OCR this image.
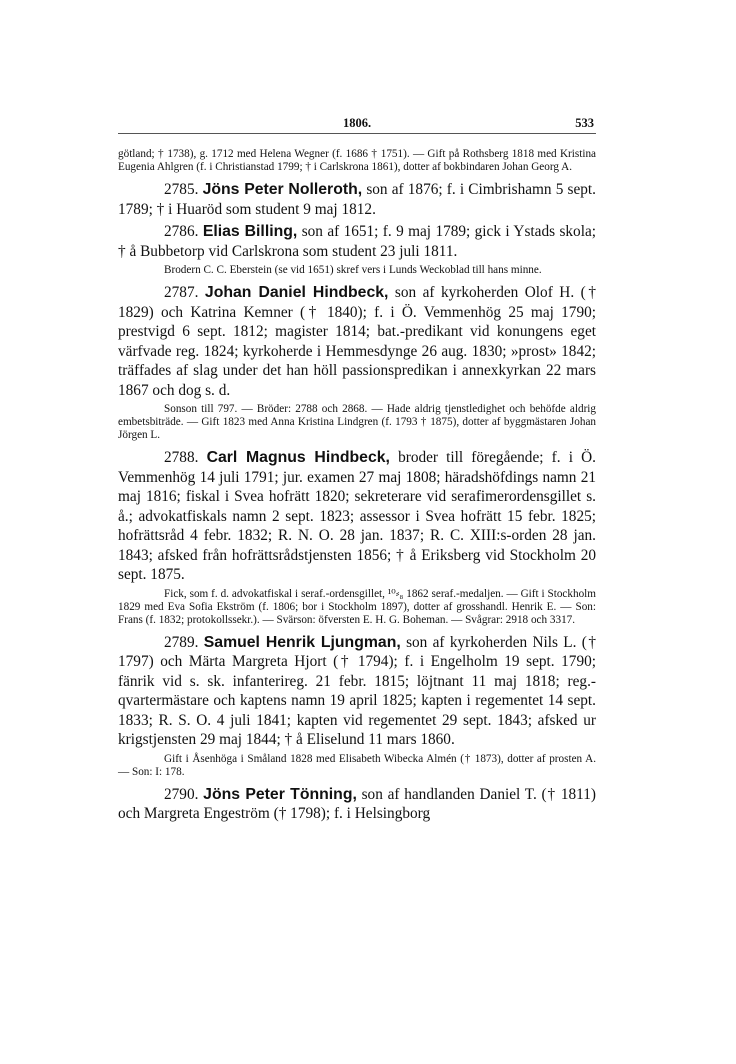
1806.	533

götland; † 1738), g. 1712 med Helena Wegner (f. 1686 † 1751). — Gift på Rothsberg 1818 med Kristina Eugenia Ahlgren (f. i Christianstad 1799; † i Carlskrona 1861), dotter af bokbindaren Johan Georg A.

2785. Jöns Peter Nolleroth, son af 1876; f. i Cimbrishamn 5 sept. 1789; † i Huaröd som student 9 maj 1812.

2786. Elias Billing, son af 1651; f. 9 maj 1789; gick i Ystads skola; † å Bubbetorp vid Carlskrona som student 23 juli 1811.

Brodern C. C. Eberstein (se vid 1651) skref vers i Lunds Weckoblad till hans minne.

2787. Johan Daniel Hindbeck, son af kyrkoherden Olof H. († 1829) och Katrina Kemner († 1840); f. i Ö. Vemmenhög 25 maj 1790; prestvigd 6 sept. 1812; magister 1814; bat.-predikant vid konungens eget värfvade reg. 1824; kyrkoherde i Hemmesdynge 26 aug. 1830; »prost» 1842; träffades af slag under det han höll passionspredikan i annexkyrkan 22 mars 1867 och dog s. d.

Sonson till 797. — Bröder: 2788 och 2868. — Hade aldrig tjenstledighet och behöfde aldrig embetsbiträde. — Gift 1823 med Anna Kristina Lindgren (f. 1793 † 1875), dotter af byggmästaren Johan Jörgen L.

2788. Carl Magnus Hindbeck, broder till föregående; f. i Ö. Vemmenhög 14 juli 1791; jur. examen 27 maj 1808; häradshöfdings namn 21 maj 1816; fiskal i Svea hofrätt 1820; sekreterare vid serafimerordensgillet s. å.; advokatfiskals namn 2 sept. 1823; assessor i Svea hofrätt 15 febr. 1825; hofrättsråd 4 febr. 1832; R. N. O. 28 jan. 1837; R. C. XIII:s-orden 28 jan. 1843; afsked från hofrättsrådstjensten 1856; † å Eriksberg vid Stockholm 20 sept. 1875.

Fick, som f. d. advokatfiskal i seraf.-ordensgillet, ¹⁰⸗₈ 1862 seraf.-medaljen. — Gift i Stockholm 1829 med Eva Sofia Ekström (f. 1806; bor i Stockholm 1897), dotter af grosshandl. Henrik E. — Son: Frans (f. 1832; protokollssekr.). — Svärson: öfversten E. H. G. Boheman. — Svågrar: 2918 och 3317.

2789. Samuel Henrik Ljungman, son af kyrkoherden Nils L. († 1797) och Märta Margreta Hjort († 1794); f. i Engelholm 19 sept. 1790; fänrik vid s. sk. infanterireg. 21 febr. 1815; löjtnant 11 maj 1818; reg.-qvartermästare och kaptens namn 19 april 1825; kapten i regementet 14 sept. 1833; R. S. O. 4 juli 1841; kapten vid regementet 29 sept. 1843; afsked ur krigstjensten 29 maj 1844; † å Eliselund 11 mars 1860.

Gift i Åsenhöga i Småland 1828 med Elisabeth Wibecka Almén († 1873), dotter af prosten A. — Son: I: 178.

2790. Jöns Peter Tönning, son af handlanden Daniel T. († 1811) och Margreta Engeström († 1798); f. i Helsingborg
